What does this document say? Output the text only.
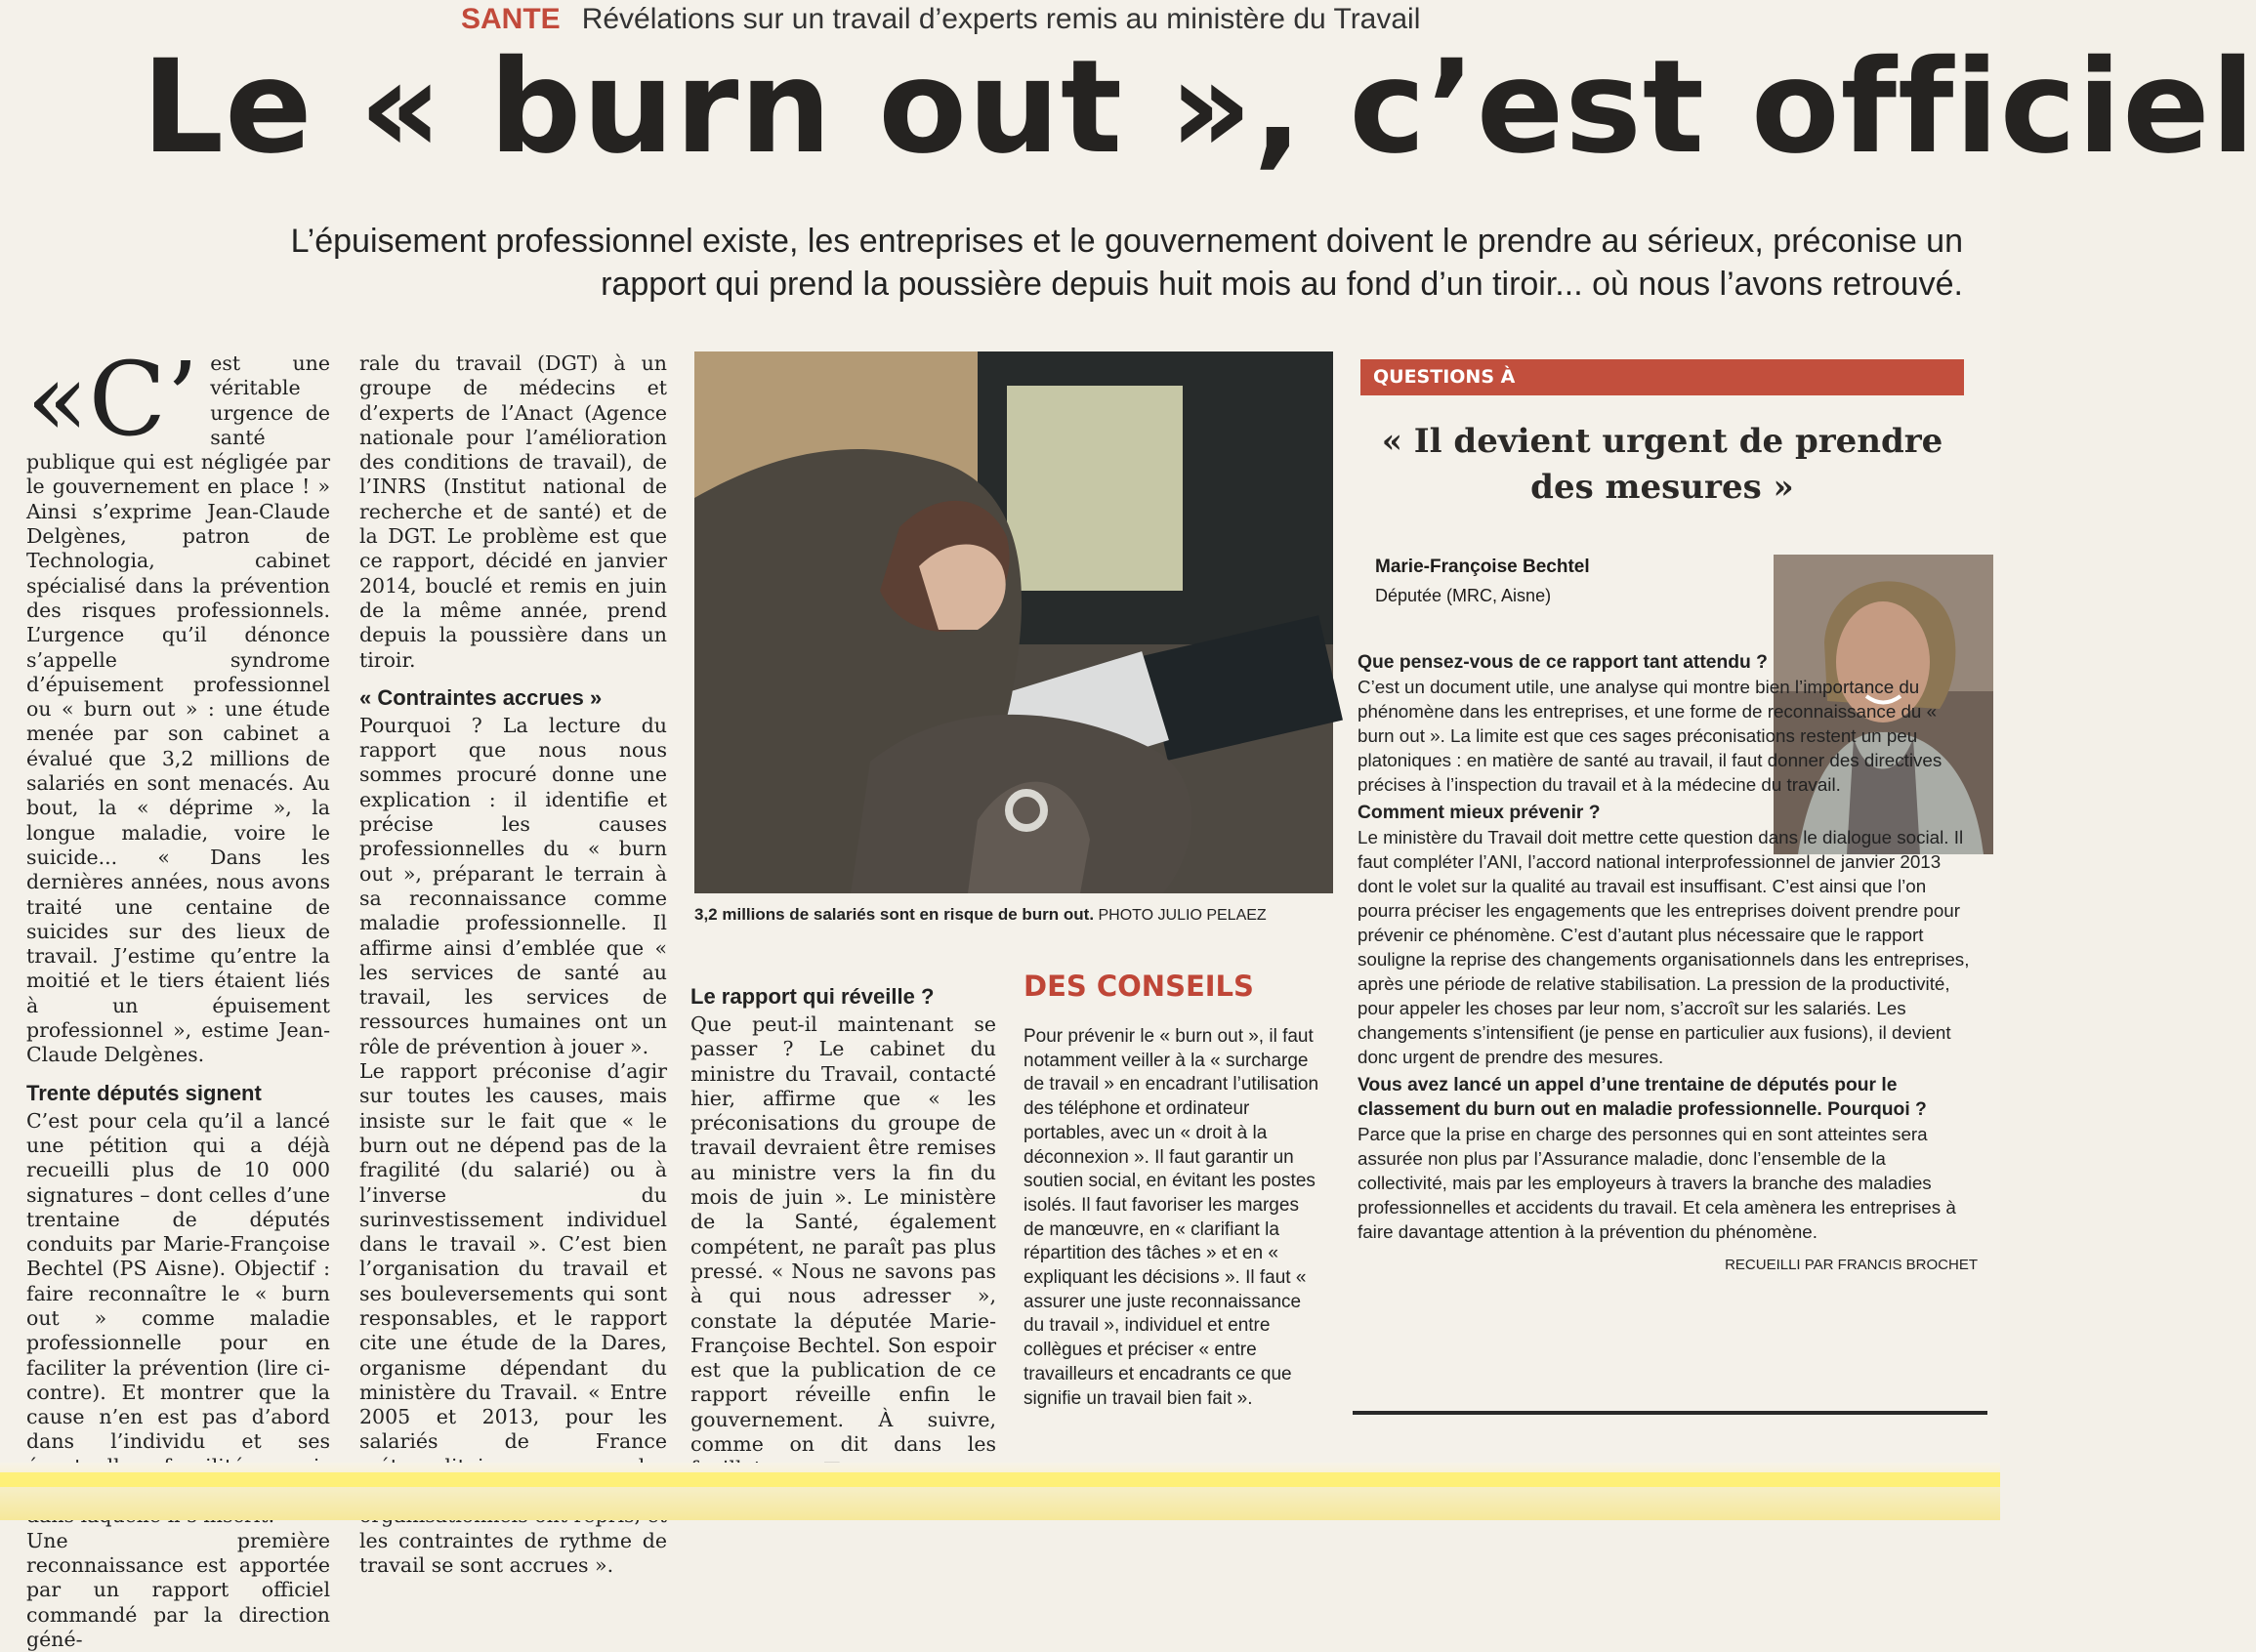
SANTE Révélations sur un travail d’experts remis au ministère du Travail
Le « burn out », c’est officiel

L’épuisement professionnel existe, les entreprises et le gouvernement doivent le prendre au sérieux, préconise un rapport qui prend la poussière depuis huit mois au fond d’un tiroir... où nous l’avons retrouvé.

«C’ est une véritable urgence de santé publique qui est négligée par le gouvernement en place ! » Ainsi s’exprime Jean-Claude Delgènes, patron de Technologia, cabinet spécialisé dans la prévention des risques professionnels. L’urgence qu’il dénonce s’appelle syndrome d’épuisement professionnel ou « burn out » : une étude menée par son cabinet a évalué que 3,2 millions de salariés en sont menacés. Au bout, la « déprime », la longue maladie, voire le suicide... « Dans les dernières années, nous avons traité une centaine de suicides sur des lieux de travail. J’estime qu’entre la moitié et le tiers étaient liés à un épuisement professionnel », estime Jean-Claude Delgènes.

Trente députés signent

C’est pour cela qu’il a lancé une pétition qui a déjà recueilli plus de 10 000 signatures – dont celles d’une trentaine de députés conduits par Marie-Françoise Bechtel (PS Aisne). Objectif : faire reconnaître le « burn out » comme maladie professionnelle pour en faciliter la prévention (lire ci-contre). Et montrer que la cause n’en est pas d’abord dans l’individu et ses

Une première reconnaissance est apportée par un rapport officiel commandé par la direction géné-

rale du travail (DGT) à un groupe de médecins et d’experts de l’Anact (Agence nationale pour l’amélioration des conditions de travail), de l’INRS (Institut national de recherche et de santé) et de la DGT. Le problème est que ce rapport, décidé en janvier 2014, bouclé et remis en juin de la même année, prend depuis la poussière dans un tiroir.

« Contraintes accrues »

Pourquoi ? La lecture du rapport que nous nous sommes procuré donne une explication : il identifie et précise les causes professionnelles du « burn out », préparant le terrain à sa reconnaissance comme maladie professionnelle. Il affirme ainsi d’emblée que « les services de santé au travail, les services de ressources humaines ont un rôle de prévention à jouer ».

Le rapport préconise d’agir sur toutes les causes, mais insiste sur le fait que « le burn out ne dépend pas de la fragilité (du salarié) ou à l’inverse du surinvestissement individuel dans le travail ». C’est bien l’organisation du travail et ses bouleversements qui sont responsables, et le rapport cite une étude de la Dares, organisme dépendant du ministère du Travail. « Entre 2005 et 2013, pour les salariés de France les contraintes de rythme de travail se sont accrues ».

3,2 millions de salariés sont en risque de burn out. PHOTO JULIO PELAEZ

Le rapport qui réveille ?

Que peut-il maintenant se passer ? Le cabinet du ministre du Travail, contacté hier, affirme que « les préconisations du groupe de travail devraient être remises au ministre vers la fin du mois de juin ». Le ministère de la Santé, également compétent, ne paraît pas plus pressé. « Nous ne savons pas à qui nous adresser », constate la députée Marie-Françoise Bechtel. Son espoir est que la publication de ce rapport réveille enfin le gouvernement. À suivre, comme on dit dans les

DES CONSEILS
Pour prévenir le « burn out », il faut notamment veiller à la « surcharge de travail » en encadrant l’utilisation des téléphone et ordinateur portables, avec un « droit à la déconnexion ». Il faut garantir un soutien social, en évitant les postes isolés. Il faut favoriser les marges de manœuvre, en « clarifiant la répartition des tâches » et en « expliquant les décisions ». Il faut « assurer une juste reconnaissance du travail », individuel et entre collègues et préciser « entre travailleurs et encadrants ce que signifie un travail bien fait ».
QUESTIONS À

« Il devient urgent de prendre des mesures »

Marie-Françoise Bechtel
Députée (MRC, Aisne)

Que pensez-vous de ce rapport tant attendu ?

C’est un document utile, une analyse qui montre bien l’importance du phénomène dans les entreprises, et une forme de reconnaissance du « burn out ». La limite est que ces sages préconisations restent un peu platoniques : en matière de santé au travail, il faut donner des directives précises à l’inspection du travail et à la médecine du travail.

Comment mieux prévenir ?

Le ministère du Travail doit mettre cette question dans le dialogue social. Il faut compléter l’ANI, l’accord national interprofessionnel de janvier 2013 dont le volet sur la qualité au travail est insuffisant. C’est ainsi que l’on pourra préciser les engagements que les entreprises doivent prendre pour prévenir ce phénomène. C’est d’autant plus nécessaire que le rapport souligne la reprise des changements organisationnels dans les entreprises, après une période de relative stabilisation. La pression de la productivité, pour appeler les choses par leur nom, s’accroît sur les salariés. Les changements s’intensifient (je pense en particulier aux fusions), il devient donc urgent de prendre des mesures.

Vous avez lancé un appel d’une trentaine de députés pour le classement du burn out en maladie professionnelle. Pourquoi ?

Parce que la prise en charge des personnes qui en sont atteintes sera assurée non plus par l’Assurance maladie, donc l’ensemble de la collectivité, mais par les employeurs à travers la branche des maladies professionnelles et accidents du travail. Et cela amènera les entreprises à faire davantage attention à la prévention du phénomène.

RECUEILLI PAR FRANCIS BROCHET
